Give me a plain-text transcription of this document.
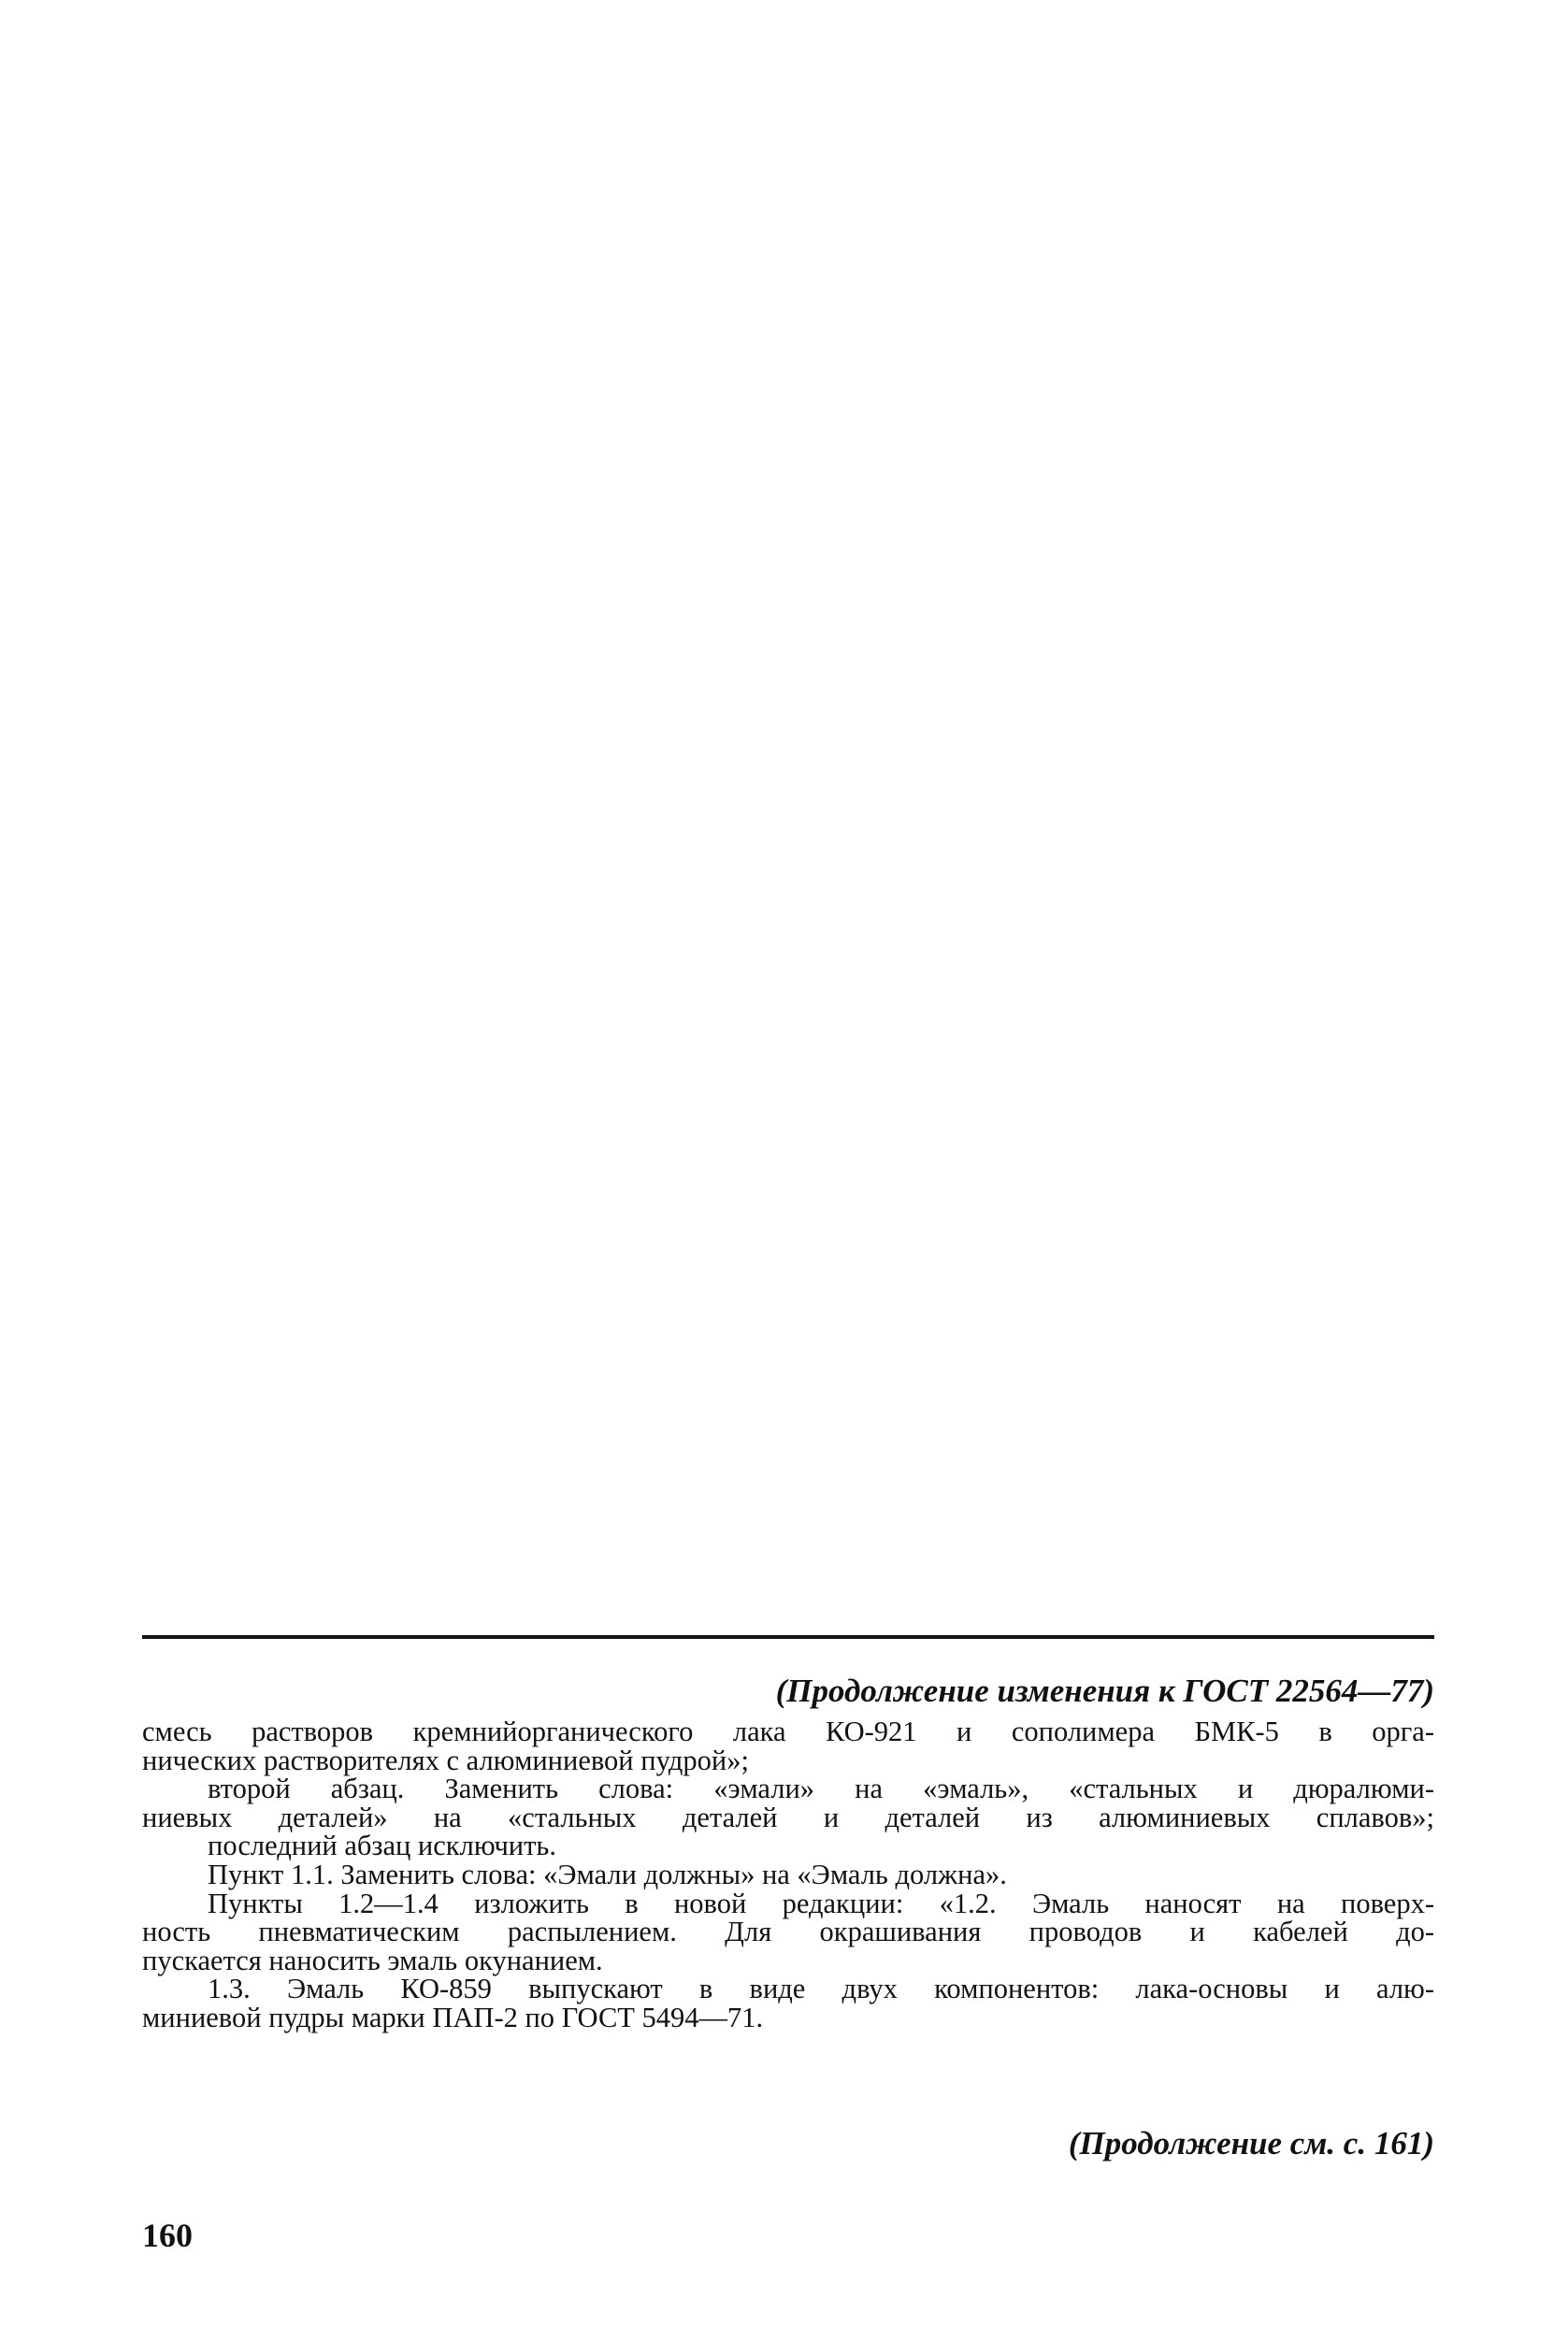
(Продолжение изменения к ГОСТ 22564—77)
смесь растворов кремнийорганического лака КО-921 и сополимера БМК-5 в орга-
нических растворителях с алюминиевой пудрой»;
второй абзац. Заменить слова: «эмали» на «эмаль», «стальных и дюралюми-
ниевых деталей» на «стальных деталей и деталей из алюминиевых сплавов»;
последний абзац исключить.
Пункт 1.1. Заменить слова: «Эмали должны» на «Эмаль должна».
Пункты 1.2—1.4 изложить в новой редакции: «1.2. Эмаль наносят на поверх-
ность пневматическим распылением. Для окрашивания проводов и кабелей до-
пускается наносить эмаль окунанием.
1.3. Эмаль КО-859 выпускают в виде двух компонентов: лака-основы и алю-
миниевой пудры марки ПАП-2 по ГОСТ 5494—71.
(Продолжение см. с. 161)
160
